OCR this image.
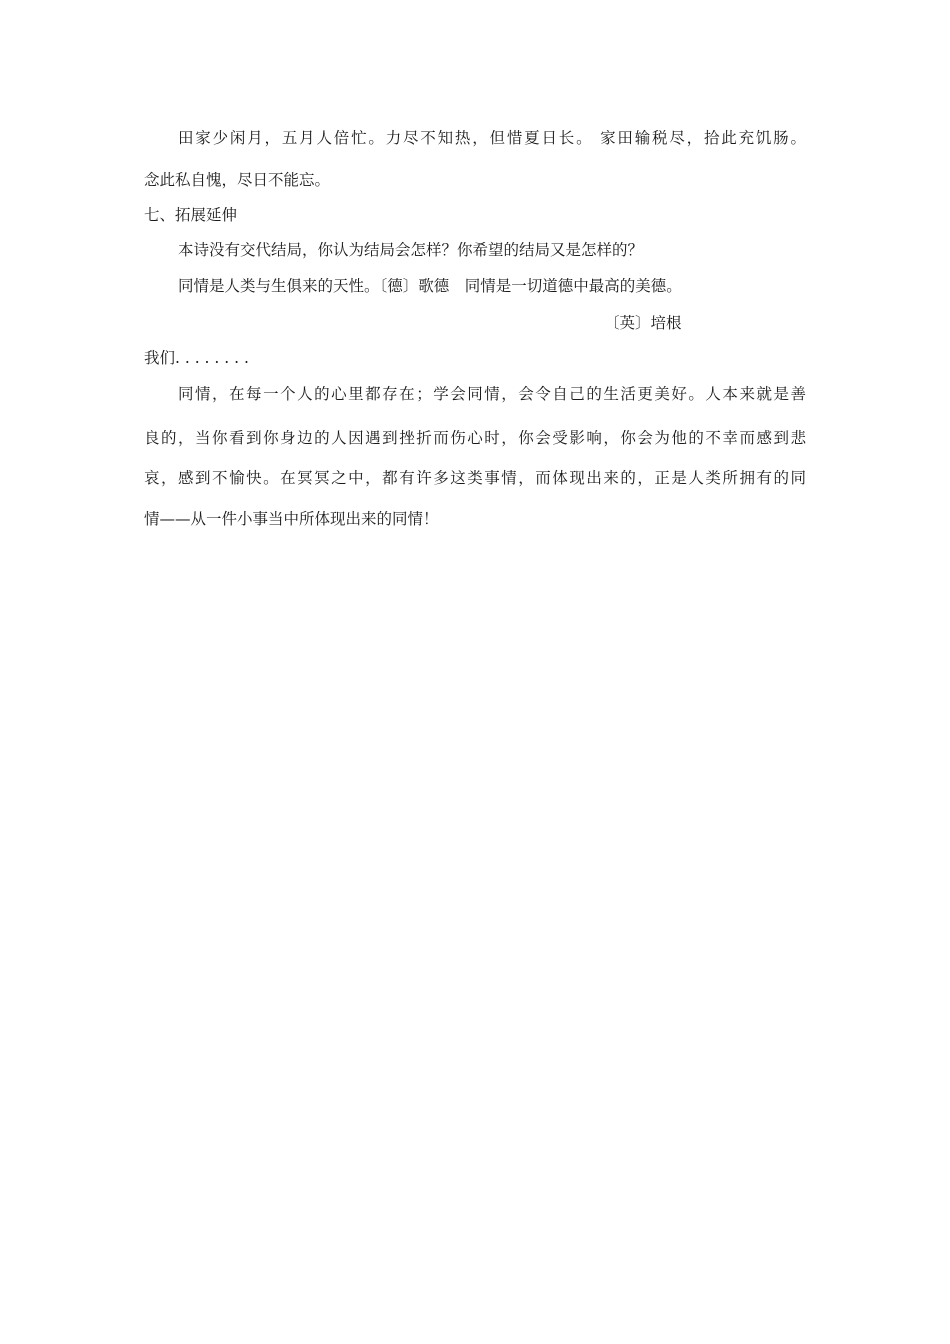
田家少闲月，五月人倍忙。力尽不知热，但惜夏日长。 家田输税尽，拾此充饥肠。
念此私自愧，尽日不能忘。
七、拓展延伸
本诗没有交代结局，你认为结局会怎样？你希望的结局又是怎样的？
同情是人类与生俱来的天性。〔德〕歌德　同情是一切道德中最高的美德。
〔英〕培根
我们. . . . . . . .
同情，在每一个人的心里都存在；学会同情，会令自己的生活更美好。人本来就是善
良的，当你看到你身边的人因遇到挫折而伤心时，你会受影响，你会为他的不幸而感到悲
哀，感到不愉快。在冥冥之中，都有许多这类事情，而体现出来的，正是人类所拥有的同
情——从一件小事当中所体现出来的同情！
